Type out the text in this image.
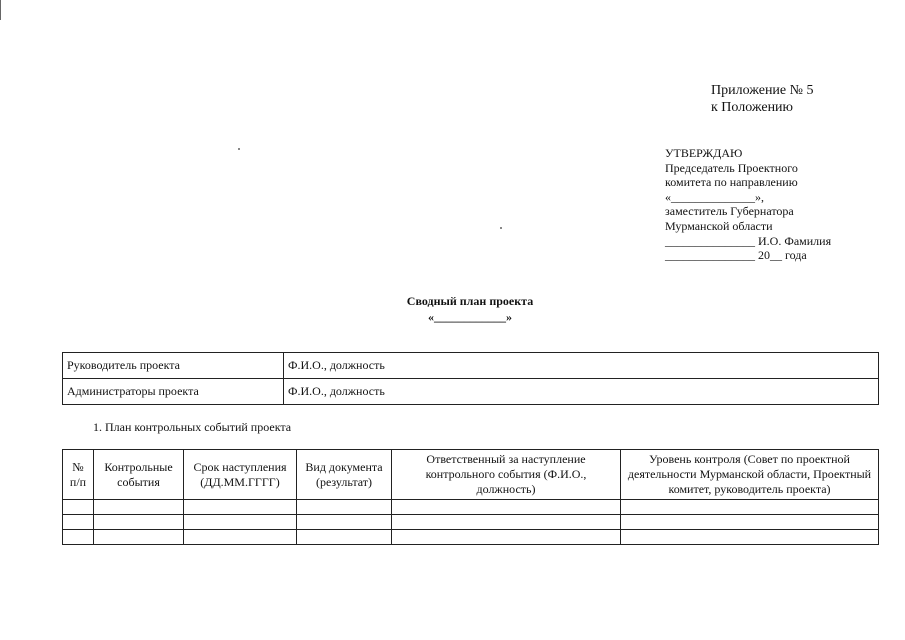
Приложение № 5
к Положению
УТВЕРЖДАЮ
Председатель Проектного
комитета по направлению
«______________»,
заместитель Губернатора
Мурманской области
_______________ И.О. Фамилия
_______________ 20__ года
Сводный план проекта
«____________»
Руководитель проекта	Ф.И.О., должность
Администраторы проекта	Ф.И.О., должность
1. План контрольных событий проекта
№ п/п	Контрольные события	Срок наступления (ДД.ММ.ГГГГ)	Вид документа (результат)	Ответственный за наступление контрольного события (Ф.И.О., должность)	Уровень контроля (Совет по проектной деятельности Мурманской области, Проектный комитет, руководитель проекта)
